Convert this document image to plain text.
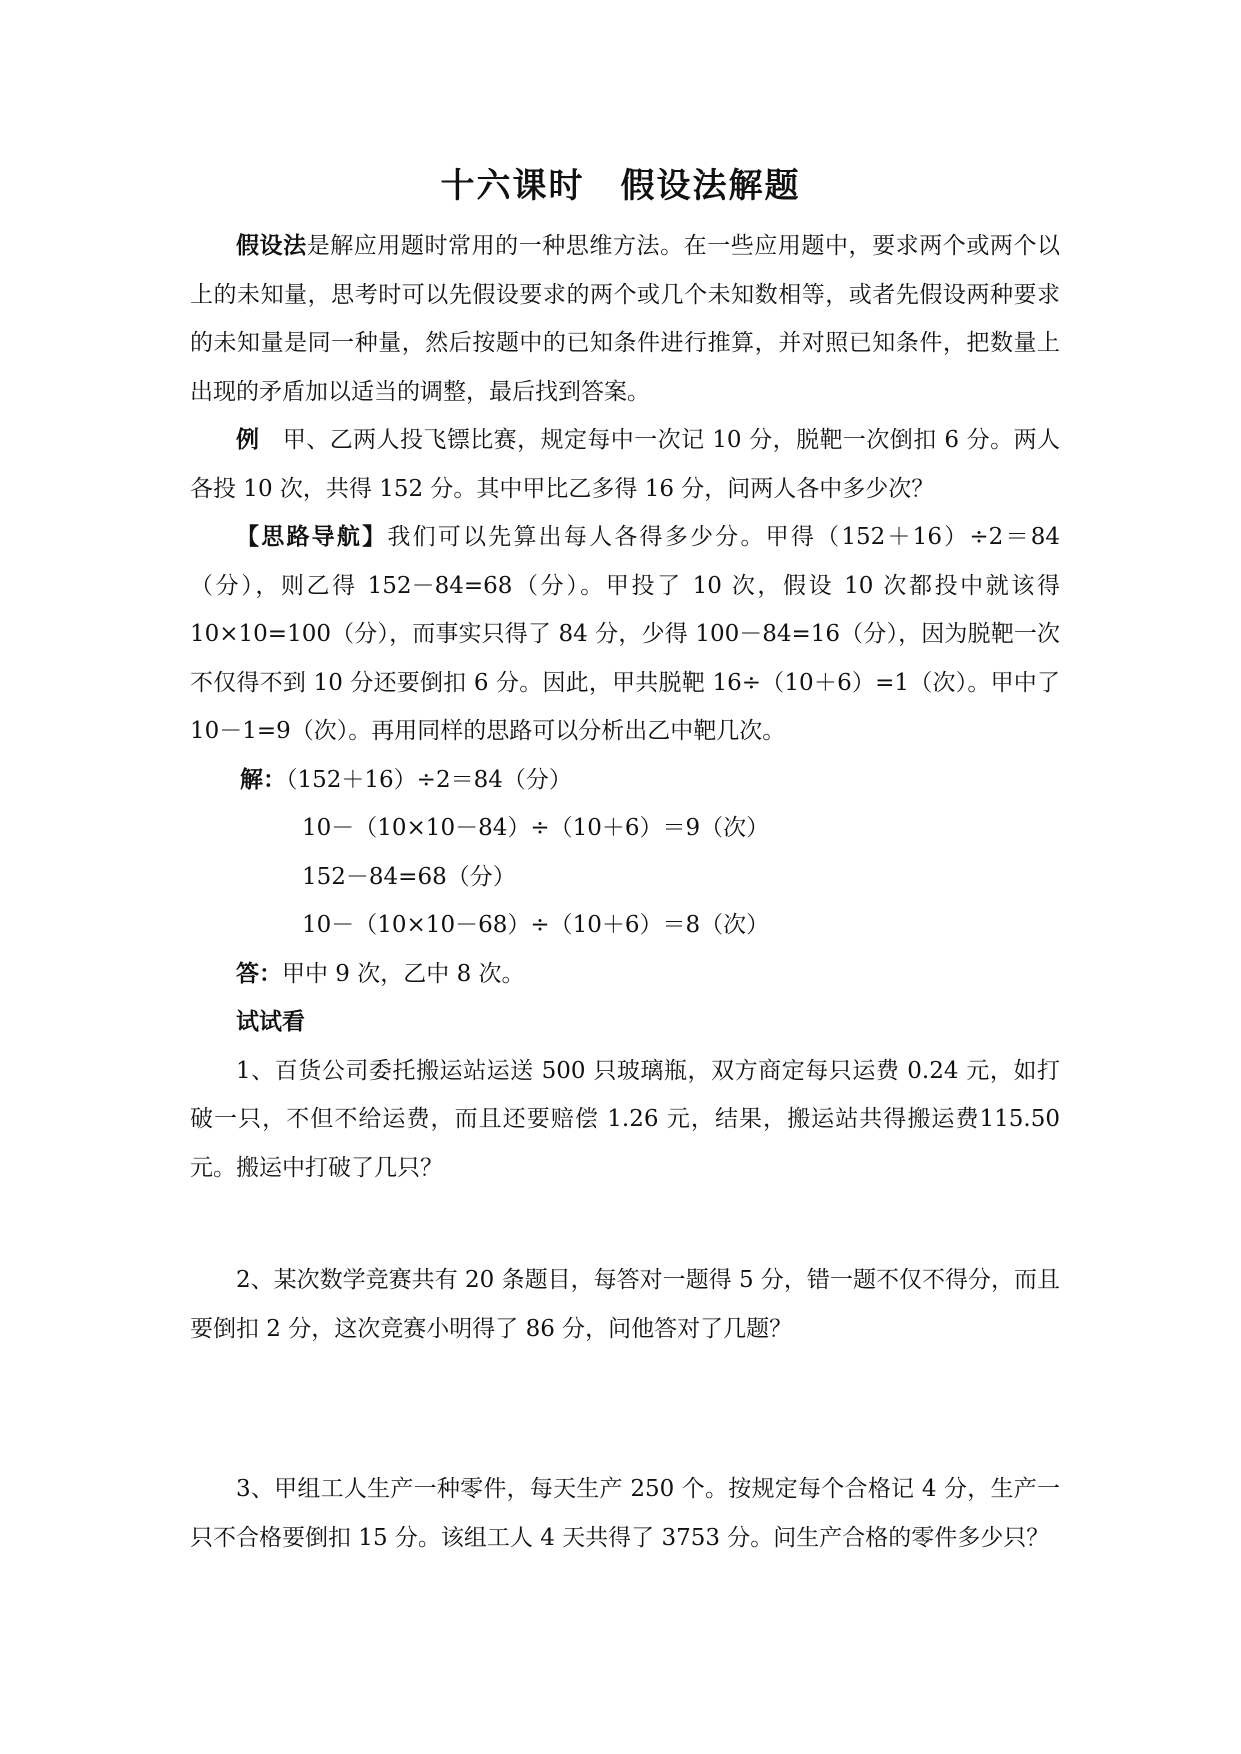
十六课时　假设法解题

假设法是解应用题时常用的一种思维方法。在一些应用题中，要求两个或两个以上的未知量，思考时可以先假设要求的两个或几个未知数相等，或者先假设两种要求的未知量是同一种量，然后按题中的已知条件进行推算，并对照已知条件，把数量上出现的矛盾加以适当的调整，最后找到答案。

例　甲、乙两人投飞镖比赛，规定每中一次记 10 分，脱靶一次倒扣 6 分。两人各投 10 次，共得 152 分。其中甲比乙多得 16 分，问两人各中多少次？

【思路导航】我们可以先算出每人各得多少分。甲得（152＋16）÷2＝84（分），则乙得 152－84=68（分）。甲投了 10 次，假设 10 次都投中就该得 10×10=100（分），而事实只得了 84 分，少得 100－84=16（分），因为脱靶一次不仅得不到 10 分还要倒扣 6 分。因此，甲共脱靶 16÷（10＋6）=1（次）。甲中了 10－1=9（次）。再用同样的思路可以分析出乙中靶几次。

解：（152＋16）÷2＝84（分）

10－（10×10－84）÷（10＋6）＝9（次）

152－84=68（分）

10－（10×10－68）÷（10＋6）＝8（次）

答：甲中 9 次，乙中 8 次。

试试看

1、百货公司委托搬运站运送 500 只玻璃瓶，双方商定每只运费 0.24 元，如打破一只，不但不给运费，而且还要赔偿 1.26 元，结果，搬运站共得搬运费115.50 元。搬运中打破了几只？

2、某次数学竞赛共有 20 条题目，每答对一题得 5 分，错一题不仅不得分，而且要倒扣 2 分，这次竞赛小明得了 86 分，问他答对了几题？

3、甲组工人生产一种零件，每天生产 250 个。按规定每个合格记 4 分，生产一只不合格要倒扣 15 分。该组工人 4 天共得了 3753 分。问生产合格的零件多少只？
